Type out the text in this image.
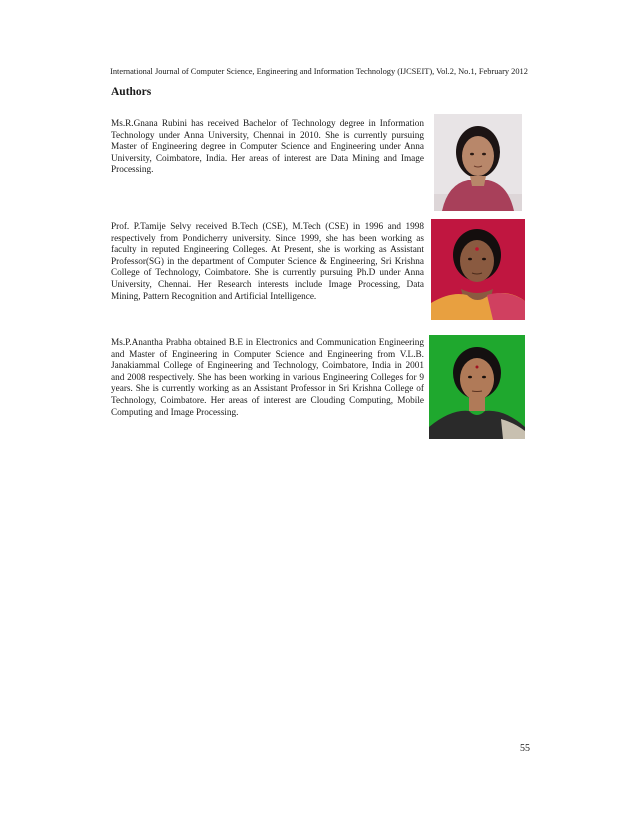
International Journal of Computer Science, Engineering and Information Technology (IJCSEIT), Vol.2, No.1, February 2012
Authors

Ms.R.Gnana Rubini has received Bachelor of Technology degree in Information Technology under Anna University, Chennai in 2010. She is currently pursuing Master of Engineering degree in Computer Science and Engineering under Anna University, Coimbatore, India. Her areas of interest are Data Mining and Image Processing.

Prof. P.Tamije Selvy received B.Tech (CSE), M.Tech (CSE) in 1996 and 1998 respectively from Pondicherry university. Since 1999, she has been working as faculty in reputed Engineering Colleges. At Present, she is working as Assistant Professor(SG) in the department of Computer Science & Engineering, Sri Krishna College of Technology, Coimbatore. She is currently pursuing Ph.D under Anna University, Chennai. Her Research interests include Image Processing, Data Mining, Pattern Recognition and Artificial Intelligence.

Ms.P.Anantha Prabha obtained B.E in Electronics and Communication Engineering and Master of Engineering in Computer Science and Engineering from V.L.B. Janakiammal College of Engineering and Technology, Coimbatore, India in 2001 and 2008 respectively. She has been working in various Engineering Colleges for 9 years. She is currently working as an Assistant Professor in Sri Krishna College of Technology, Coimbatore. Her areas of interest are Clouding Computing, Mobile Computing and Image Processing.

55
